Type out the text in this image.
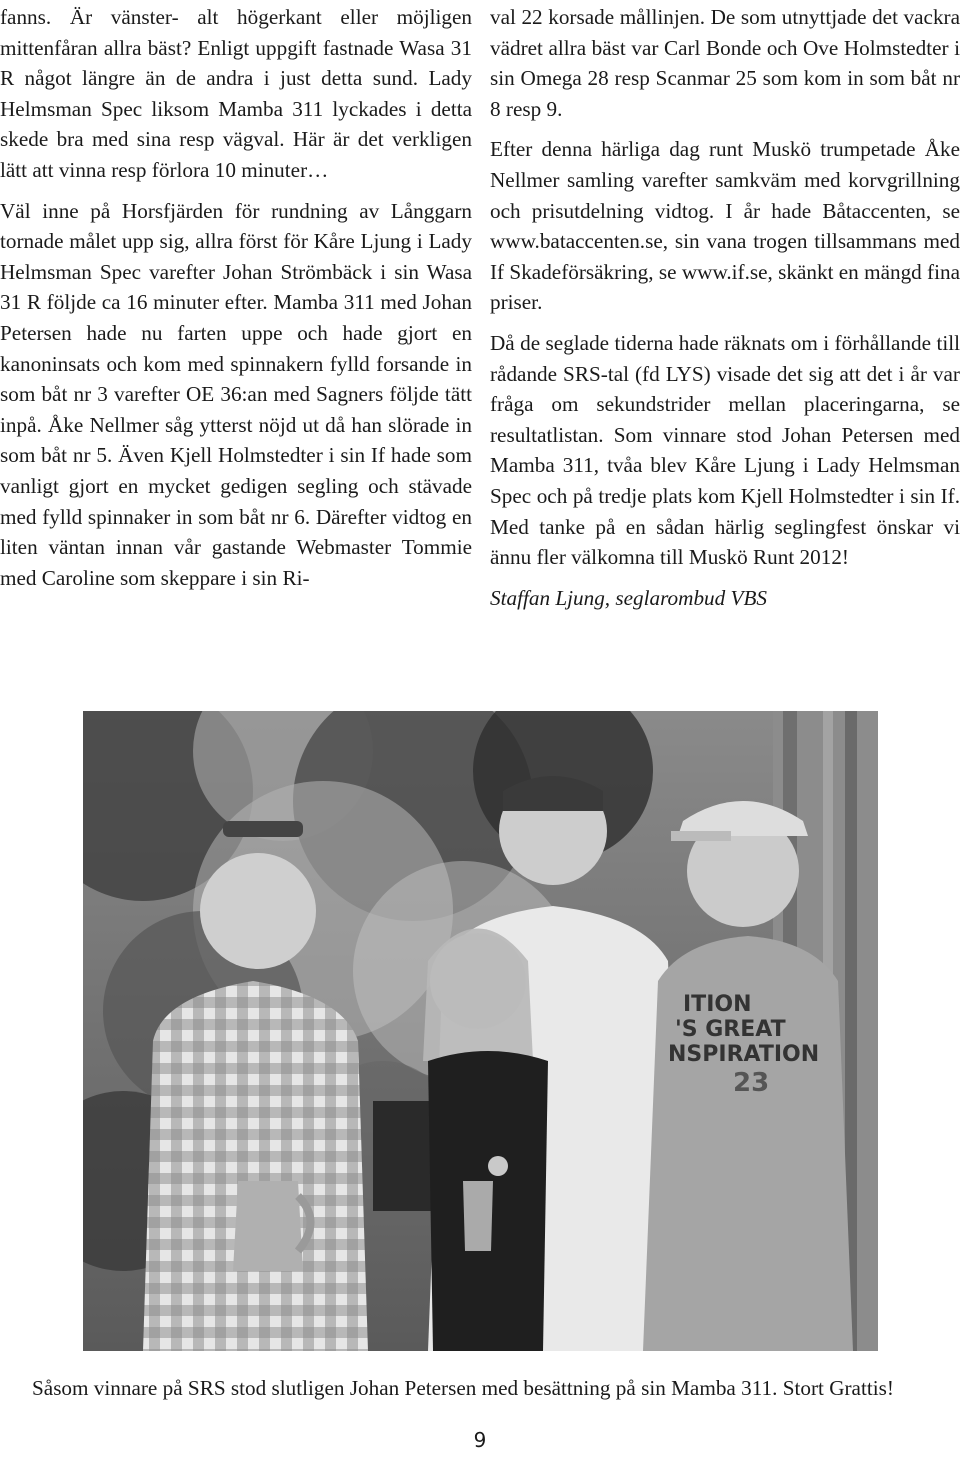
fanns. Är vänster- alt högerkant eller möjligen mittenfåran allra bäst? Enligt uppgift fastnade Wasa 31 R något längre än de andra i just detta sund. Lady Helmsman Spec liksom Mamba 311 lyckades i detta skede bra med sina resp vägval. Här är det verkligen lätt att vinna resp förlora 10 minuter…

Väl inne på Horsfjärden för rundning av Långgarn tornade målet upp sig, allra först för Kåre Ljung i Lady Helmsman Spec varefter Johan Strömbäck i sin Wasa 31 R följde ca 16 minuter efter. Mamba 311 med Johan Petersen hade nu farten uppe och hade gjort en kanoninsats och kom med spinnakern fylld forsande in som båt nr 3 varefter OE 36:an med Sagners följde tätt inpå. Åke Nellmer såg ytterst nöjd ut då han slörade in som båt nr 5. Även Kjell Holmstedter i sin If hade som vanligt gjort en mycket gedigen segling och stävade med fylld spinnaker in som båt nr 6. Därefter vidtog en liten väntan innan vår gastande Webmaster Tommie med Caroline som skeppare i sin Ri-

val 22 korsade mållinjen. De som utnyttjade det vackra vädret allra bäst var Carl Bonde och Ove Holmstedter i sin Omega 28 resp Scanmar 25 som kom in som båt nr 8 resp 9.

Efter denna härliga dag runt Muskö trumpetade Åke Nellmer samling varefter samkväm med korvgrillning och prisutdelning vidtog. I år hade Båtaccenten, se www.bataccenten.se, sin vana trogen tillsammans med If Skadeförsäkring, se www.if.se, skänkt en mängd fina priser.

Då de seglade tiderna hade räknats om i förhållande till rådande SRS-tal (fd LYS) visade det sig att det i år var fråga om sekundstrider mellan placeringarna, se resultatlistan. Som vinnare stod Johan Petersen med Mamba 311, tvåa blev Kåre Ljung i Lady Helmsman Spec och på tredje plats kom Kjell Holmstedter i sin If. Med tanke på en sådan härlig seglingfest önskar vi ännu fler välkomna till Muskö Runt 2012!

Staffan Ljung, seglarombud VBS

ITION
'S GREAT
NSPIRATION
23

Såsom vinnare på SRS stod slutligen Johan Petersen med besättning på sin Mamba 311. Stort Grattis!

9
